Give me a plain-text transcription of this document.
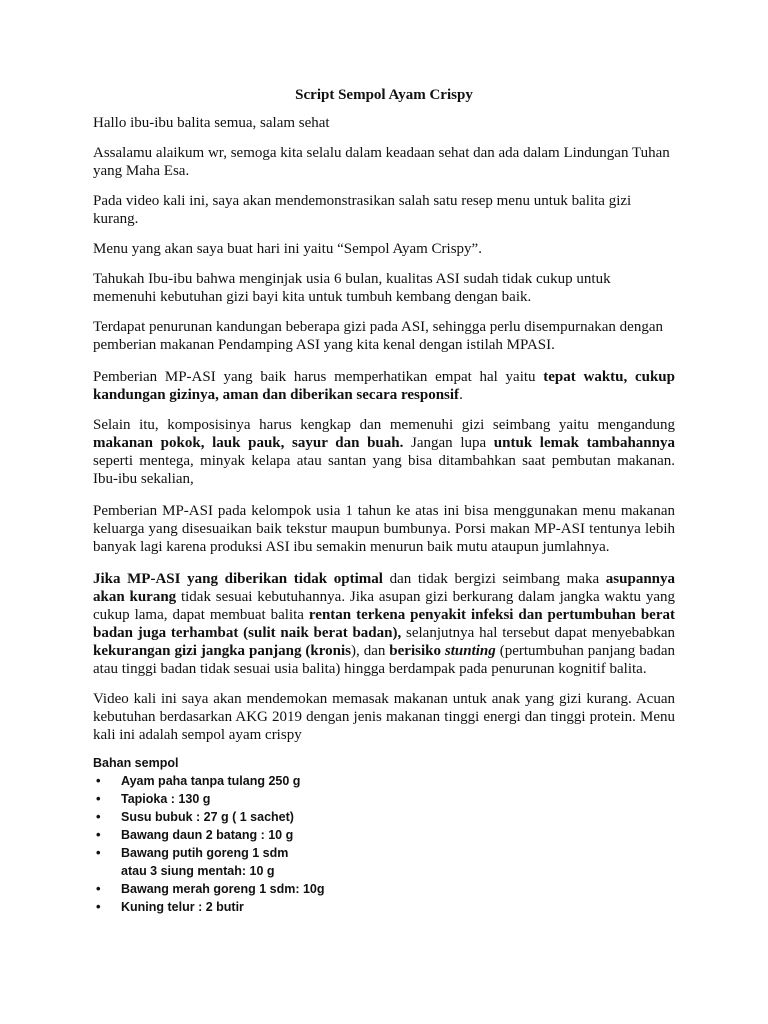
Script Sempol Ayam Crispy
Hallo ibu-ibu balita semua, salam sehat
Assalamu alaikum wr, semoga kita selalu dalam keadaan sehat dan ada dalam Lindungan Tuhan yang Maha Esa.
Pada video kali ini, saya akan mendemonstrasikan salah satu resep menu untuk balita gizi kurang.
Menu yang akan saya buat hari ini yaitu “Sempol Ayam Crispy”.
Tahukah Ibu-ibu bahwa menginjak usia 6 bulan, kualitas ASI sudah tidak cukup untuk memenuhi kebutuhan gizi bayi kita untuk tumbuh kembang dengan baik.
Terdapat penurunan kandungan beberapa gizi pada ASI, sehingga perlu disempurnakan dengan pemberian makanan Pendamping ASI yang kita kenal dengan istilah MPASI.
Pemberian MP-ASI yang baik harus memperhatikan empat hal yaitu tepat waktu, cukup kandungan gizinya, aman dan diberikan secara responsif.
Selain itu, komposisinya harus kengkap dan memenuhi gizi seimbang yaitu mengandung makanan pokok, lauk pauk, sayur dan buah. Jangan lupa untuk lemak tambahannya seperti mentega, minyak kelapa atau santan yang bisa ditambahkan saat pembutan makanan. Ibu-ibu sekalian,
Pemberian MP-ASI pada kelompok usia 1 tahun ke atas ini bisa menggunakan menu makanan keluarga yang disesuaikan baik tekstur maupun bumbunya. Porsi makan MP-ASI tentunya lebih banyak lagi karena produksi ASI ibu semakin menurun baik mutu ataupun jumlahnya.
Jika MP-ASI yang diberikan tidak optimal dan tidak bergizi seimbang maka asupannya akan kurang tidak sesuai kebutuhannya. Jika asupan gizi berkurang dalam jangka waktu yang cukup lama, dapat membuat balita rentan terkena penyakit infeksi dan pertumbuhan berat badan juga terhambat (sulit naik berat badan), selanjutnya hal tersebut dapat menyebabkan kekurangan gizi jangka panjang (kronis), dan berisiko stunting (pertumbuhan panjang badan atau tinggi badan tidak sesuai usia balita) hingga berdampak pada penurunan kognitif balita.
Video kali ini saya akan mendemokan memasak makanan untuk anak yang gizi kurang. Acuan kebutuhan berdasarkan AKG 2019 dengan jenis makanan tinggi energi dan tinggi protein. Menu kali ini adalah sempol ayam crispy
Bahan sempol
• Ayam paha tanpa tulang 250 g
• Tapioka : 130 g
• Susu bubuk : 27 g ( 1 sachet)
• Bawang daun 2 batang : 10 g
• Bawang putih goreng 1 sdm
atau 3 siung mentah: 10 g
• Bawang merah goreng 1 sdm: 10g
• Kuning telur : 2 butir
